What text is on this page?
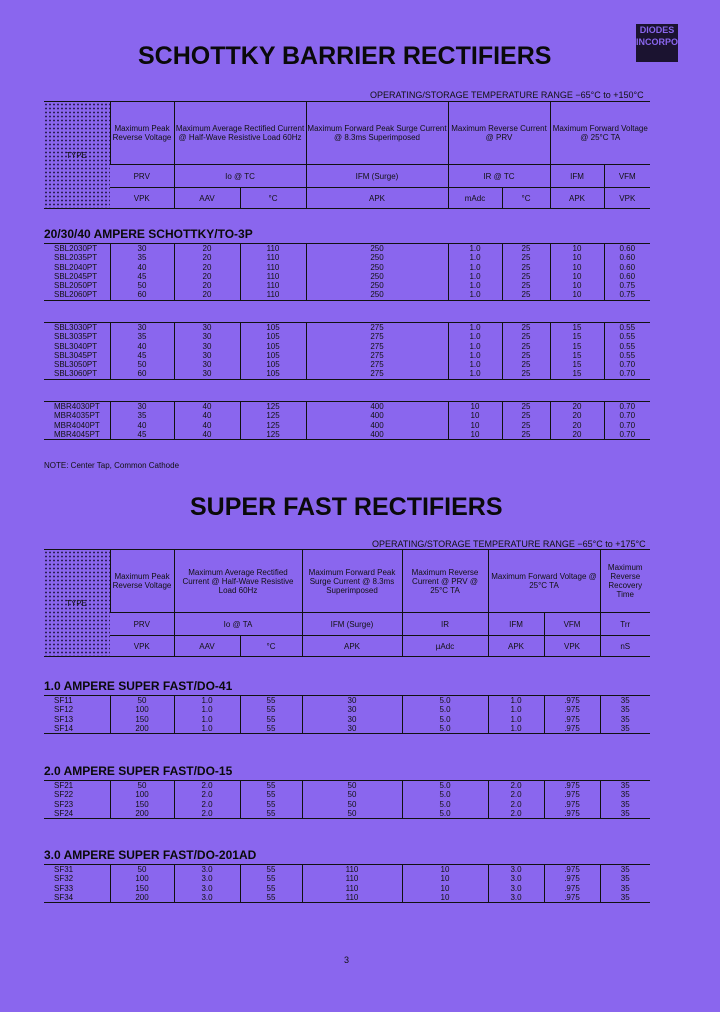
DIODES INCORPORATED
SCHOTTKY BARRIER RECTIFIERS
OPERATING/STORAGE TEMPERATURE RANGE −65°C to +150°C
TYPE	Maximum Peak Reverse Voltage	Maximum Average Rectified Current @ Half-Wave Resistive Load 60Hz		Maximum Forward Peak Surge Current @ 8.3ms Superimposed	Maximum Reverse Current @ PRV		Maximum Forward Voltage @ 25°C TA	
	PRV	Io @ TC		IFM (Surge)	IR @ TC		IFM	VFM
	VPK	AAV	°C	APK	mAdc	°C	APK	VPK
20/30/40 AMPERE SCHOTTKY/TO-3P
SBL2030PT	30	20	110	250	1.0	25	10	0.60
SBL2035PT	35	20	110	250	1.0	25	10	0.60
SBL2040PT	40	20	110	250	1.0	25	10	0.60
SBL2045PT	45	20	110	250	1.0	25	10	0.60
SBL2050PT	50	20	110	250	1.0	25	10	0.75
SBL2060PT	60	20	110	250	1.0	25	10	0.75
SBL3030PT	30	30	105	275	1.0	25	15	0.55
SBL3035PT	35	30	105	275	1.0	25	15	0.55
SBL3040PT	40	30	105	275	1.0	25	15	0.55
SBL3045PT	45	30	105	275	1.0	25	15	0.55
SBL3050PT	50	30	105	275	1.0	25	15	0.70
SBL3060PT	60	30	105	275	1.0	25	15	0.70
MBR4030PT	30	40	125	400	10	25	20	0.70
MBR4035PT	35	40	125	400	10	25	20	0.70
MBR4040PT	40	40	125	400	10	25	20	0.70
MBR4045PT	45	40	125	400	10	25	20	0.70
NOTE: Center Tap, Common Cathode
SUPER FAST RECTIFIERS
OPERATING/STORAGE TEMPERATURE RANGE −65°C to +175°C
TYPE	Maximum Peak Reverse Voltage	Maximum Average Rectified Current @ Half-Wave Resistive Load 60Hz		Maximum Forward Peak Surge Current @ 8.3ms Superimposed	Maximum Reverse Current @ PRV @ 25°C TA	Maximum Forward Voltage @ 25°C TA		Maximum Reverse Recovery Time
	PRV	Io @ TA		IFM (Surge)	IR	IFM	VFM	Trr
	VPK	AAV	°C	APK	µAdc	APK	VPK	nS
1.0 AMPERE SUPER FAST/DO-41
SF11	50	1.0	55	30	5.0	1.0	.975	35
SF12	100	1.0	55	30	5.0	1.0	.975	35
SF13	150	1.0	55	30	5.0	1.0	.975	35
SF14	200	1.0	55	30	5.0	1.0	.975	35
2.0 AMPERE SUPER FAST/DO-15
SF21	50	2.0	55	50	5.0	2.0	.975	35
SF22	100	2.0	55	50	5.0	2.0	.975	35
SF23	150	2.0	55	50	5.0	2.0	.975	35
SF24	200	2.0	55	50	5.0	2.0	.975	35
3.0 AMPERE SUPER FAST/DO-201AD
SF31	50	3.0	55	110	10	3.0	.975	35
SF32	100	3.0	55	110	10	3.0	.975	35
SF33	150	3.0	55	110	10	3.0	.975	35
SF34	200	3.0	55	110	10	3.0	.975	35
3
